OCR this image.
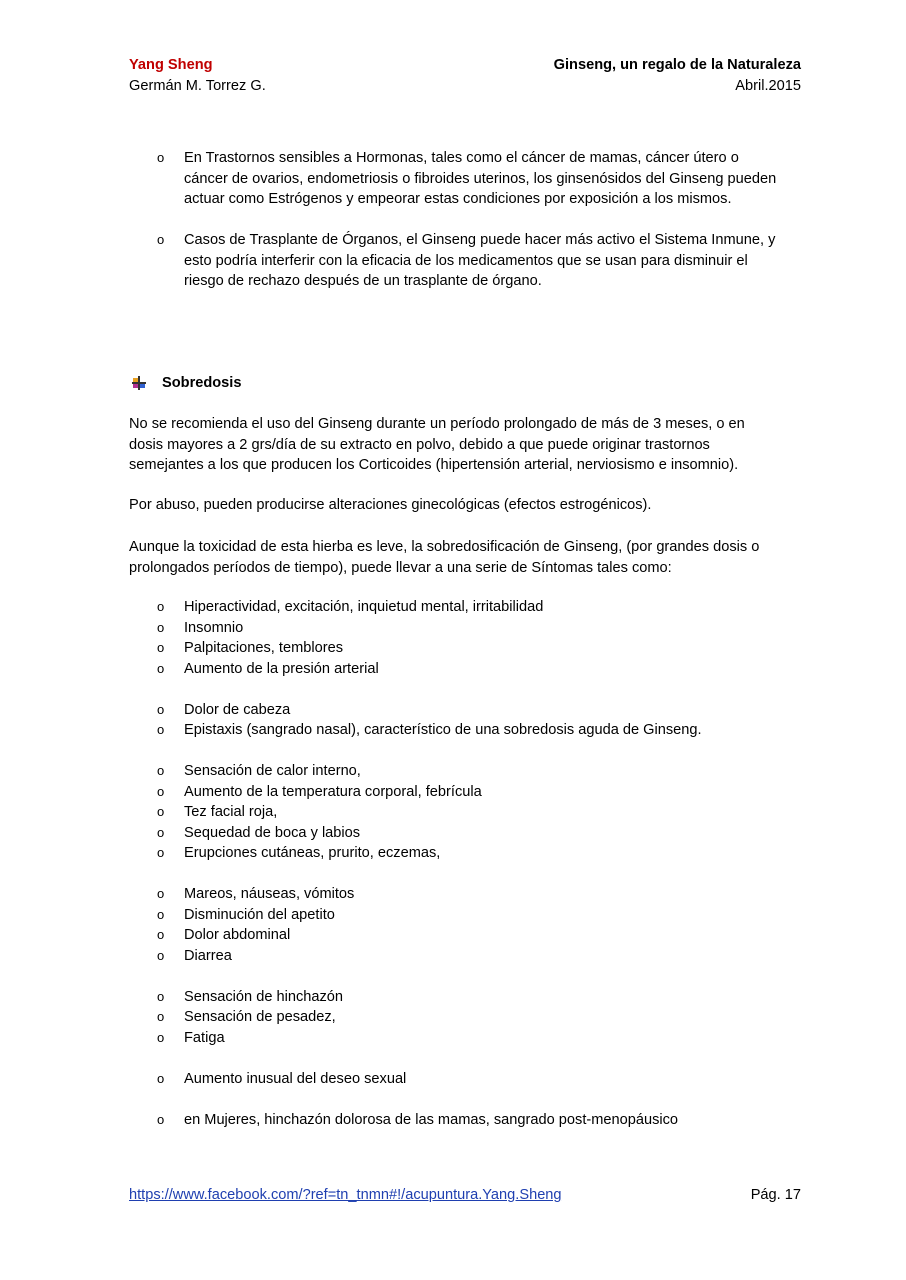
Yang Sheng
Germán M. Torrez G.
Ginseng, un regalo de la Naturaleza
Abril.2015
o En Trastornos sensibles a Hormonas, tales como el cáncer de mamas, cáncer útero o cáncer de ovarios, endometriosis o fibroides uterinos, los ginsenósidos del Ginseng pueden actuar como Estrógenos y empeorar estas condiciones por exposición a los mismos.
o Casos de Trasplante de Órganos, el Ginseng puede hacer más activo el Sistema Inmune, y esto podría interferir con la eficacia de los medicamentos que se usan para disminuir el riesgo de rechazo después de un trasplante de órgano.
Sobredosis
No se recomienda el uso del Ginseng durante un período prolongado de más de 3 meses, o en dosis mayores a 2 grs/día de su extracto en polvo, debido a que puede originar trastornos semejantes a los que producen los Corticoides (hipertensión arterial, nerviosismo e insomnio).
Por abuso, pueden producirse alteraciones ginecológicas (efectos estrogénicos).
Aunque la toxicidad de esta hierba es leve, la sobredosificación de Ginseng, (por grandes dosis o prolongados períodos de tiempo), puede llevar a una serie de Síntomas tales como:
o Hiperactividad, excitación, inquietud mental, irritabilidad
o Insomnio
o Palpitaciones, temblores
o Aumento de la presión arterial
o Dolor de cabeza
o Epistaxis (sangrado nasal), característico de una sobredosis aguda de Ginseng.
o Sensación de calor interno,
o Aumento de la temperatura corporal, febrícula
o Tez facial roja,
o Sequedad de boca y labios
o Erupciones cutáneas, prurito, eczemas,
o Mareos, náuseas, vómitos
o Disminución del apetito
o Dolor abdominal
o Diarrea
o Sensación de hinchazón
o Sensación de pesadez,
o Fatiga
o Aumento inusual del deseo sexual
o en Mujeres, hinchazón dolorosa de las mamas, sangrado post-menopáusico
https://www.facebook.com/?ref=tn_tnmn#!/acupuntura.Yang.Sheng	Pág. 17
